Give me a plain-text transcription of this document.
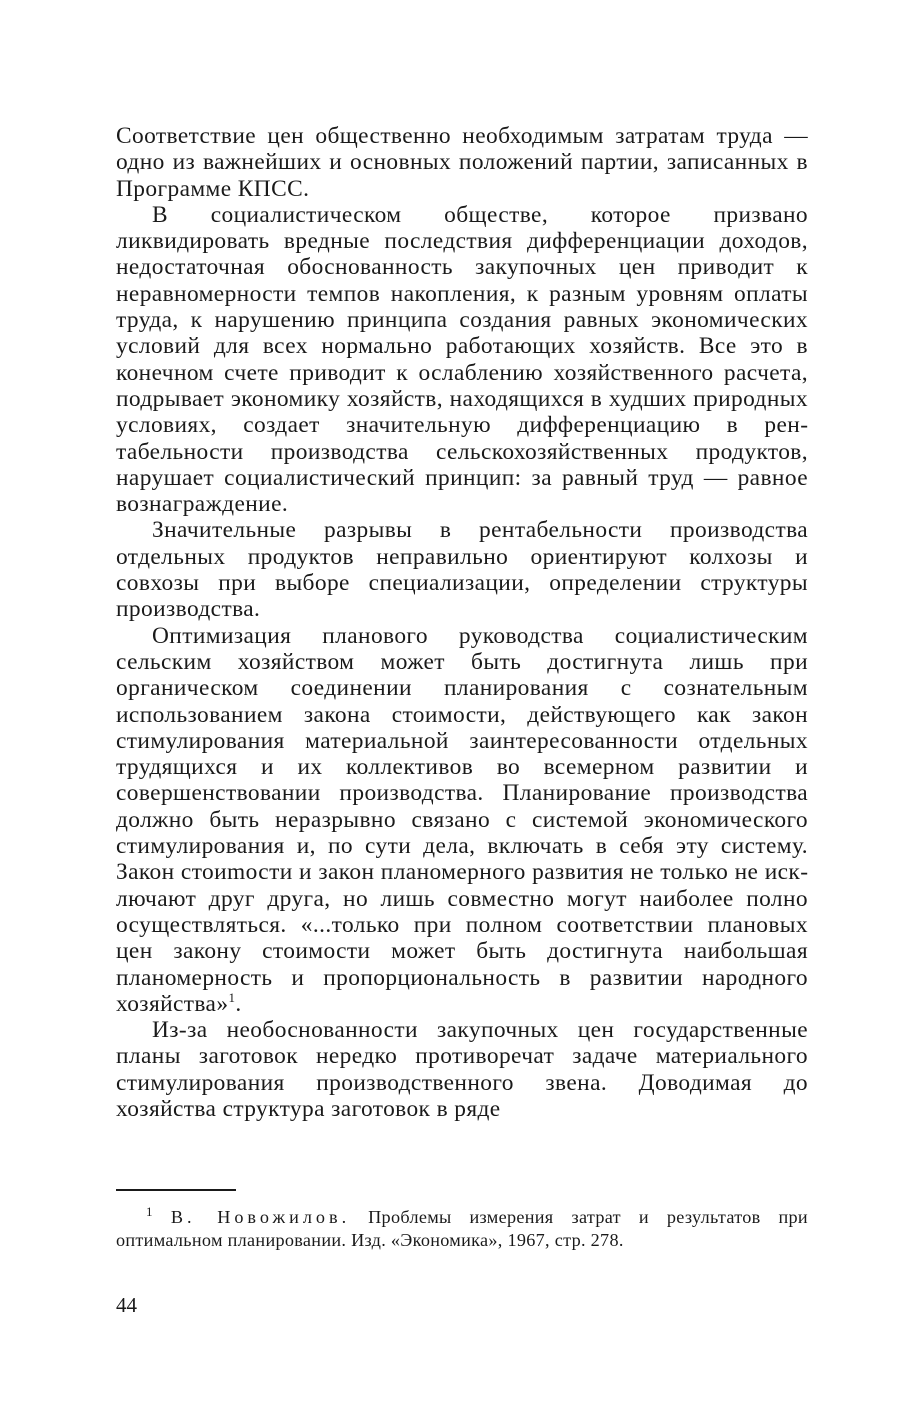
Соответствие цен общественно необходимым затратам труда — одно из важнейших и основных положений партии, записанных в Программе КПСС.

В социалистическом обществе, которое призвано ликвидировать вредные последствия дифференциации доходов, недостаточная обоснованность закупочных цен приводит к неравномерности темпов накопления, к разным уровням оплаты труда, к нарушению принципа создания равных экономических условий для всех нормально работающих хозяйств. Все это в конечном счете приводит к ослаблению хозяйственного расчета, подрывает экономику хозяйств, находящихся в худших природных условиях, создает значительную дифференциацию в рентабельности производства сельскохозяйственных продуктов, нарушает социалистический принцип: за равный труд — равное вознаграждение.

Значительные разрывы в рентабельности производства отдельных продуктов неправильно ориентируют колхозы и совхозы при выборе специализации, определении структуры производства.

Оптимизация планового руководства социалистическим сельским хозяйством может быть достигнута лишь при органическом соединении планирования с сознательным использованием закона стоимости, действующего как закон стимулирования материальной заинтересованности отдельных трудящихся и их коллективов во всемерном развитии и совершенствовании производства. Планирование производства должно быть неразрывно связано с системой экономического стимулирования и, по сути дела, включать в себя эту систему. Закон стоиmости и закон планомерного развития не только не исключают друг друга, но лишь совместно могут наиболее полно осуществляться. «...только при полном соответствии плановых цен закону стоимости может быть достигнута наибольшая планомерность и пропорциональность в развитии народного хозяйства»$^1$.

Из-за необоснованности закупочных цен государственные планы заготовок нередко противоречат задаче материального стимулирования производственного звена. Доводимая до хозяйства структура заготовок в ряде

$^1$ В. Новожилов. Проблемы измерения затрат и результатов при оптимальном планировании. Изд. «Экономика», 1967, стр. 278.

44
